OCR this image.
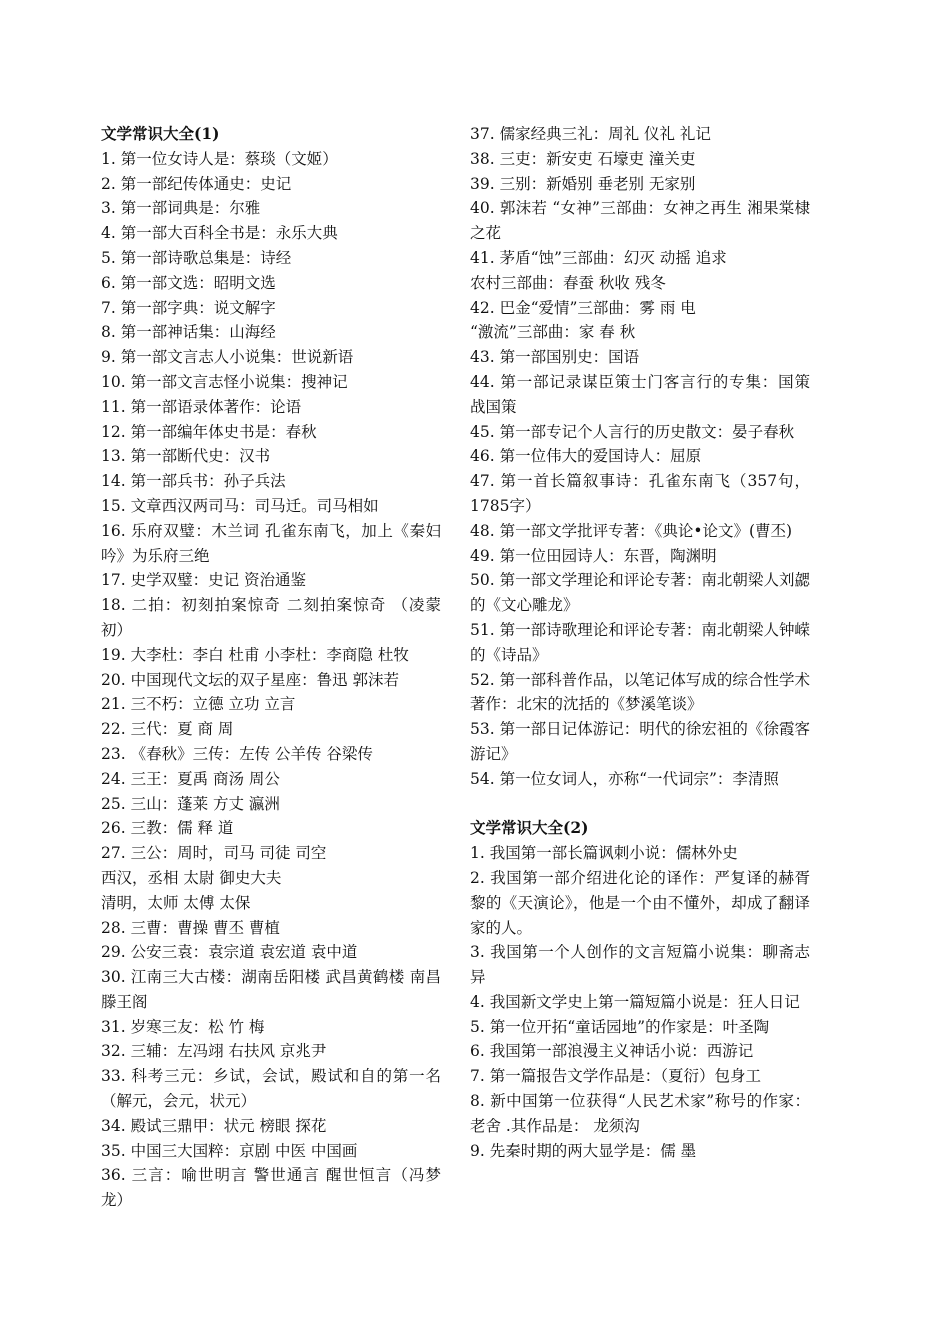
文学常识大全(1)
1. 第一位女诗人是：蔡琰（文姬）
2. 第一部纪传体通史：史记
3. 第一部词典是：尔雅
4. 第一部大百科全书是：永乐大典
5. 第一部诗歌总集是：诗经
6. 第一部文选：昭明文选
7. 第一部字典：说文解字
8. 第一部神话集：山海经
9. 第一部文言志人小说集：世说新语
10. 第一部文言志怪小说集：搜神记
11. 第一部语录体著作：论语
12. 第一部编年体史书是：春秋
13. 第一部断代史：汉书
14. 第一部兵书：孙子兵法
15. 文章西汉两司马：司马迁。司马相如
16. 乐府双璧：木兰词 孔雀东南飞，加上《秦妇吟》为乐府三绝
17. 史学双璧：史记 资治通鉴
18. 二拍：初刻拍案惊奇 二刻拍案惊奇 （凌蒙初）
19. 大李杜：李白 杜甫 小李杜：李商隐 杜牧
20. 中国现代文坛的双子星座：鲁迅 郭沫若
21. 三不朽：立德 立功 立言
22. 三代：夏 商 周
23. 《春秋》三传：左传 公羊传 谷梁传
24. 三王：夏禹 商汤 周公
25. 三山：蓬莱 方丈 瀛洲
26. 三教：儒 释 道
27. 三公：周时，司马 司徒 司空
西汉，丞相 太尉 御史大夫
清明，太师 太傅 太保
28. 三曹：曹操 曹丕 曹植
29. 公安三袁：袁宗道 袁宏道 袁中道
30. 江南三大古楼：湖南岳阳楼 武昌黄鹤楼 南昌滕王阁
31. 岁寒三友：松 竹 梅
32. 三辅：左冯翊 右扶风 京兆尹
33. 科考三元：乡试，会试，殿试和自的第一名（解元，会元，状元）
34. 殿试三鼎甲：状元 榜眼 探花
35. 中国三大国粹：京剧 中医 中国画
36. 三言：喻世明言 警世通言 醒世恒言（冯梦龙）
37. 儒家经典三礼：周礼 仪礼 礼记
38. 三吏：新安吏 石壕吏 潼关吏
39. 三别：新婚别 垂老别 无家别
40. 郭沫若 “女神”三部曲：女神之再生 湘果棠棣之花
41. 茅盾“蚀”三部曲：幻灭 动摇 追求
农村三部曲：春蚕 秋收 残冬
42. 巴金“爱情”三部曲：雾 雨 电
“激流”三部曲：家 春 秋
43. 第一部国别史：国语
44. 第一部记录谋臣策士门客言行的专集：国策 战国策
45. 第一部专记个人言行的历史散文：晏子春秋
46. 第一位伟大的爱国诗人：屈原
47. 第一首长篇叙事诗：孔雀东南飞（357句，1785字）
48. 第一部文学批评专著：《典论•论文》(曹丕)
49. 第一位田园诗人：东晋，陶渊明
50. 第一部文学理论和评论专著：南北朝梁人刘勰的《文心雕龙》
51. 第一部诗歌理论和评论专著：南北朝梁人钟嵘的《诗品》
52. 第一部科普作品，以笔记体写成的综合性学术著作：北宋的沈括的《梦溪笔谈》
53. 第一部日记体游记：明代的徐宏祖的《徐霞客游记》
54. 第一位女词人，亦称“一代词宗”：李清照
文学常识大全(2)
1. 我国第一部长篇讽刺小说：儒林外史
2. 我国第一部介绍进化论的译作：严复译的赫胥黎的《天演论》，他是一个由不懂外，却成了翻译家的人。
3. 我国第一个人创作的文言短篇小说集：聊斋志异
4. 我国新文学史上第一篇短篇小说是：狂人日记
5. 第一位开拓“童话园地”的作家是：叶圣陶
6. 我国第一部浪漫主义神话小说：西游记
7. 第一篇报告文学作品是：（夏衍）包身工
8. 新中国第一位获得“人民艺术家”称号的作家：老舍 .其作品是： 龙须沟
9. 先秦时期的两大显学是：儒 墨
